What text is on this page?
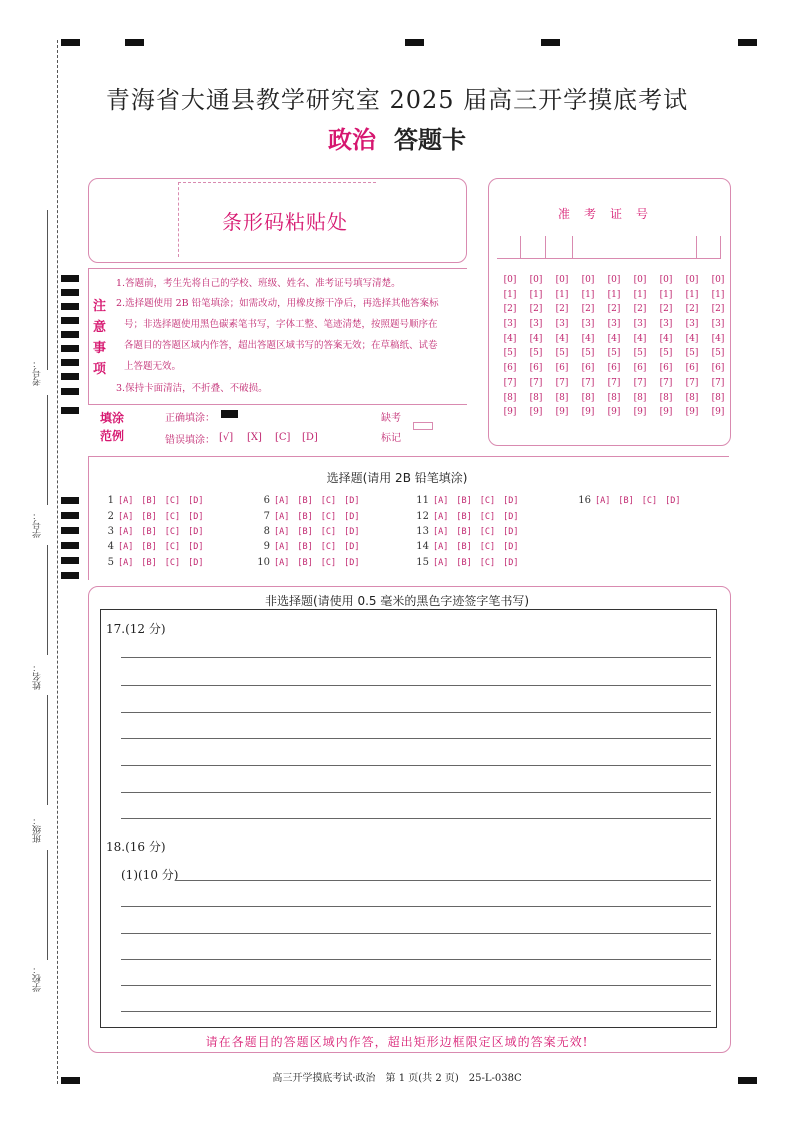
考号：
学号：
姓名：
班级：
学校：
青海省大通县教学研究室 2025 届高三开学摸底考试
政治 答题卡
条形码粘贴处
注
意
事
项
1.答题前，考生先将自己的学校、班级、姓名、准考证号填写清楚。
2.选择题使用 2B 铅笔填涂；如需改动，用橡皮擦干净后，再选择其他答案标
号；非选择题使用黑色碳素笔书写，字体工整、笔迹清楚，按照题号顺序在
各题目的答题区域内作答，超出答题区域书写的答案无效；在草稿纸、试卷
上答题无效。
3.保持卡面清洁，不折叠、不破损。
填涂
范例
正确填涂：
错误填涂： [√] [X] [C] [D]
缺考
标记
准考证号
[0]
[1]
[2]
[3]
[4]
[5]
[6]
[7]
[8]
[9]
[0]
[1]
[2]
[3]
[4]
[5]
[6]
[7]
[8]
[9]
[0]
[1]
[2]
[3]
[4]
[5]
[6]
[7]
[8]
[9]
[0]
[1]
[2]
[3]
[4]
[5]
[6]
[7]
[8]
[9]
[0]
[1]
[2]
[3]
[4]
[5]
[6]
[7]
[8]
[9]
[0]
[1]
[2]
[3]
[4]
[5]
[6]
[7]
[8]
[9]
[0]
[1]
[2]
[3]
[4]
[5]
[6]
[7]
[8]
[9]
[0]
[1]
[2]
[3]
[4]
[5]
[6]
[7]
[8]
[9]
[0]
[1]
[2]
[3]
[4]
[5]
[6]
[7]
[8]
[9]
选择题(请用 2B 铅笔填涂)
1 [A] [B] [C] [D]
2 [A] [B] [C] [D]
3 [A] [B] [C] [D]
4 [A] [B] [C] [D]
5 [A] [B] [C] [D]
6 [A] [B] [C] [D]
7 [A] [B] [C] [D]
8 [A] [B] [C] [D]
9 [A] [B] [C] [D]
10 [A] [B] [C] [D]
11 [A] [B] [C] [D]
12 [A] [B] [C] [D]
13 [A] [B] [C] [D]
14 [A] [B] [C] [D]
15 [A] [B] [C] [D]
16 [A] [B] [C] [D]
非选择题(请使用 0.5 毫米的黑色字迹签字笔书写)
17.(12 分)
18.(16 分)
(1)(10 分)
请在各题目的答题区域内作答，超出矩形边框限定区域的答案无效!
高三开学摸底考试·政治　第 1 页(共 2 页)　25-L-038C
